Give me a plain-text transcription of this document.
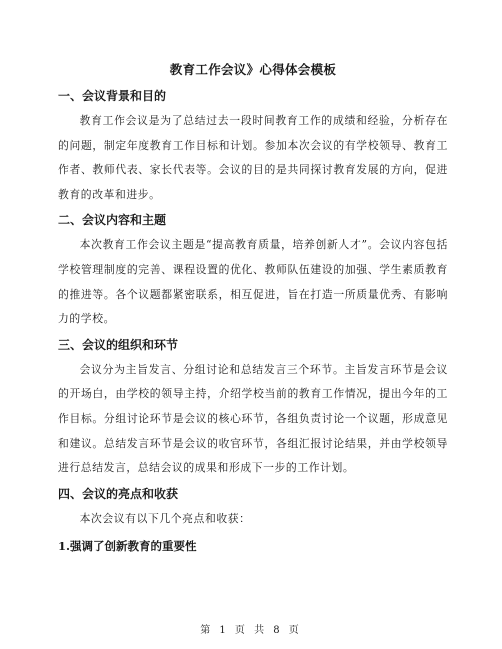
教育工作会议》心得体会模板
一、会议背景和目的

教育工作会议是为了总结过去一段时间教育工作的成绩和经验，分析存在的问题，制定年度教育工作目标和计划。参加本次会议的有学校领导、教育工作者、教师代表、家长代表等。会议的目的是共同探讨教育发展的方向，促进教育的改革和进步。

二、会议内容和主题

本次教育工作会议主题是“提高教育质量，培养创新人才”。会议内容包括学校管理制度的完善、课程设置的优化、教师队伍建设的加强、学生素质教育的推进等。各个议题都紧密联系，相互促进，旨在打造一所质量优秀、有影响力的学校。

三、会议的组织和环节

会议分为主旨发言、分组讨论和总结发言三个环节。主旨发言环节是会议的开场白，由学校的领导主持，介绍学校当前的教育工作情况，提出今年的工作目标。分组讨论环节是会议的核心环节，各组负责讨论一个议题，形成意见和建议。总结发言环节是会议的收官环节，各组汇报讨论结果，并由学校领导进行总结发言，总结会议的成果和形成下一步的工作计划。

四、会议的亮点和收获

本次会议有以下几个亮点和收获：

1.强调了创新教育的重要性
第 1 页 共 8 页
